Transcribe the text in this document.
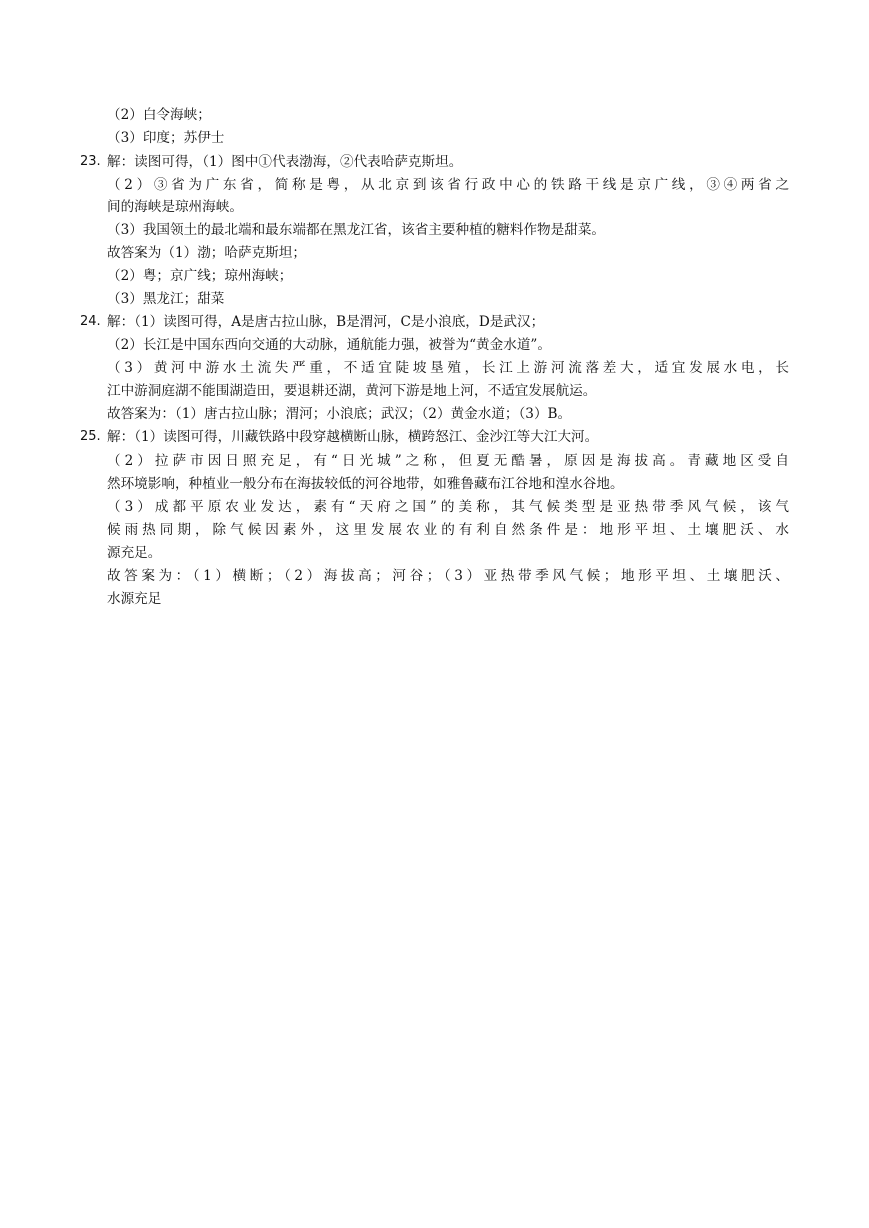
（2）白令海峡；
（3）印度；苏伊士
23. 解：读图可得，（1）图中①代表渤海，②代表哈萨克斯坦。
（2）③省为广东省，简称是粤，从北京到该省行政中心的铁路干线是京广线，③④两省之
间的海峡是琼州海峡。
（3）我国领土的最北端和最东端都在黑龙江省，该省主要种植的糖料作物是甜菜。
故答案为（1）渤；哈萨克斯坦；
（2）粤；京广线；琼州海峡；
（3）黑龙江；甜菜
24. 解：（1）读图可得，A是唐古拉山脉，B是渭河，C是小浪底，D是武汉；
（2）长江是中国东西向交通的大动脉，通航能力强，被誉为“黄金水道”。
（3）黄河中游水土流失严重，不适宜陡坡垦殖，长江上游河流落差大，适宜发展水电，长
江中游洞庭湖不能围湖造田，要退耕还湖，黄河下游是地上河，不适宜发展航运。
故答案为：（1）唐古拉山脉；渭河；小浪底；武汉；（2）黄金水道；（3）B。
25. 解：（1）读图可得，川藏铁路中段穿越横断山脉，横跨怒江、金沙江等大江大河。
（2）拉萨市因日照充足，有“日光城”之称，但夏无酷暑，原因是海拔高。青藏地区受自
然环境影响，种植业一般分布在海拔较低的河谷地带，如雅鲁藏布江谷地和湟水谷地。
（3）成都平原农业发达，素有“天府之国”的美称，其气候类型是亚热带季风气候，该气
候雨热同期，除气候因素外，这里发展农业的有利自然条件是：地形平坦、土壤肥沃、水
源充足。
故答案为：（1）横断；（2）海拔高；河谷；（3）亚热带季风气候；地形平坦、土壤肥沃、
水源充足
